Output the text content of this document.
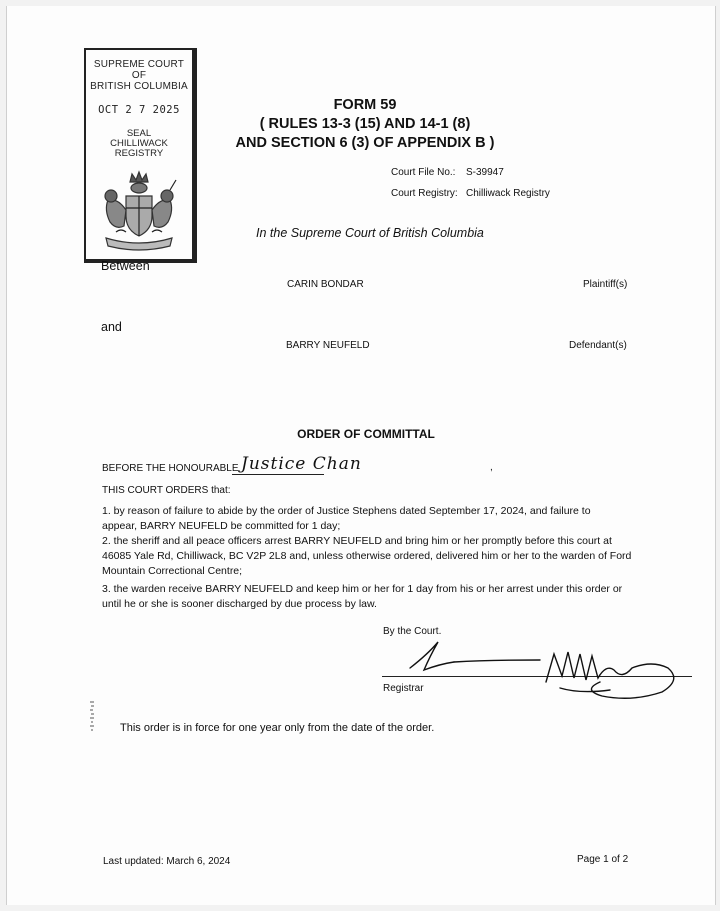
SUPREME COURT
OF
BRITISH COLUMBIA
OCT 2 7 2025
SEAL
CHILLIWACK
REGISTRY
FORM 59
( RULES 13-3 (15) AND 14-1 (8)
AND SECTION 6 (3) OF APPENDIX B )
Court File No.: S-39947
Court Registry: Chilliwack Registry
In the Supreme Court of British Columbia
Between
CARIN BONDAR	Plaintiff(s)
and
BARRY NEUFELD	Defendant(s)
ORDER OF COMMITTAL
BEFORE THE HONOURABLE Justice Chan	,
THIS COURT ORDERS that:
1. by reason of failure to abide by the order of Justice Stephens dated September 17, 2024, and failure to appear, BARRY NEUFELD be committed for 1 day;
2. the sheriff and all peace officers arrest BARRY NEUFELD and bring him or her promptly before this court at 46085 Yale Rd, Chilliwack, BC V2P 2L8 and, unless otherwise ordered, delivered him or her to the warden of Ford Mountain Correctional Centre;
3. the warden receive BARRY NEUFELD and keep him or her for 1 day from his or her arrest under this order or until he or she is sooner discharged by due process by law.
By the Court.
Registrar
This order is in force for one year only from the date of the order.
Last updated: March 6, 2024	Page 1 of 2
